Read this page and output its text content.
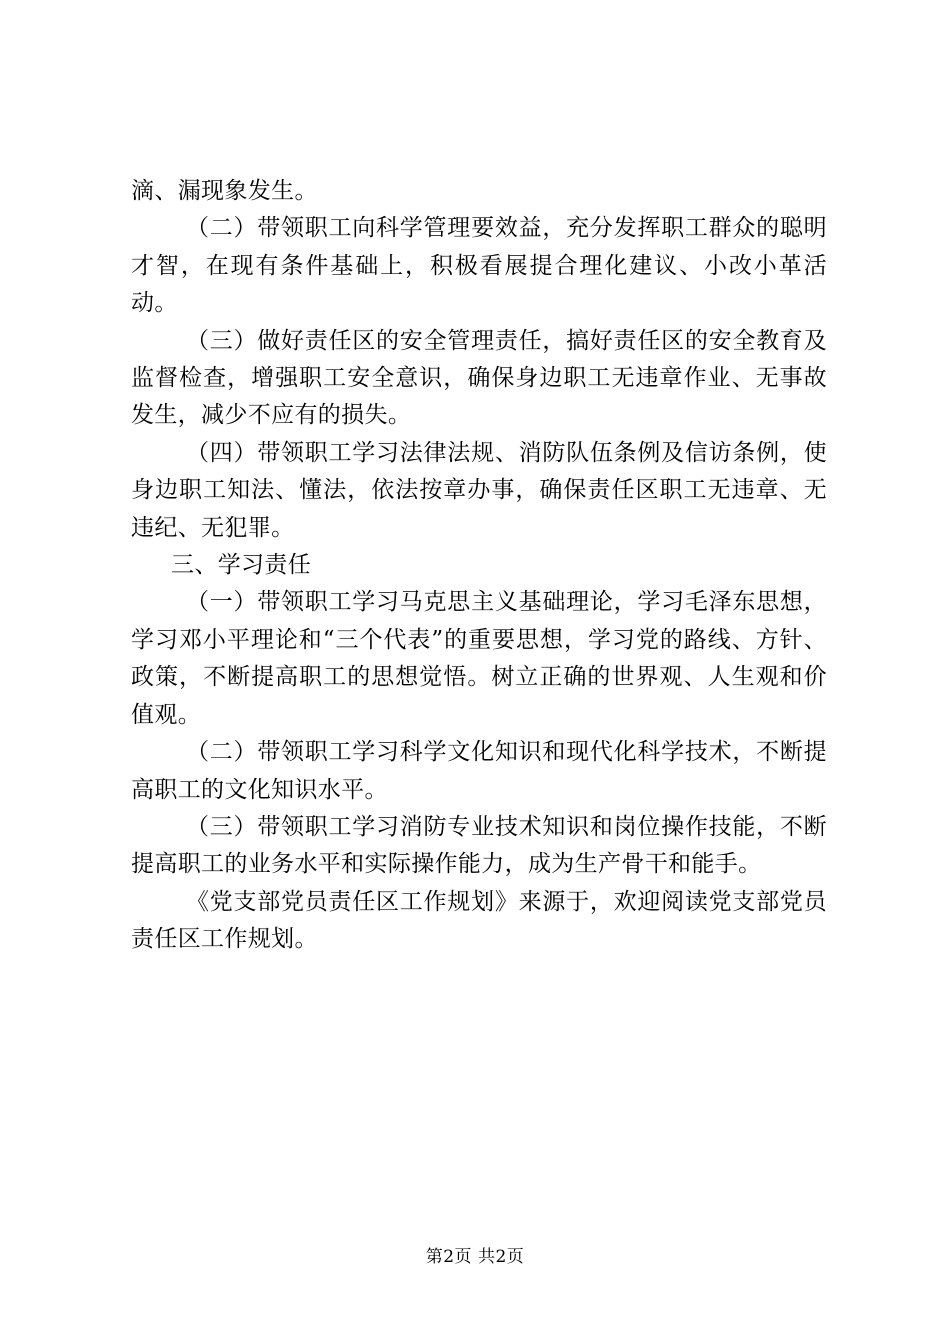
滴、漏现象发生。

（二）带领职工向科学管理要效益，充分发挥职工群众的聪明才智，在现有条件基础上，积极看展提合理化建议、小改小革活动。

（三）做好责任区的安全管理责任，搞好责任区的安全教育及监督检查，增强职工安全意识，确保身边职工无违章作业、无事故发生，减少不应有的损失。

（四）带领职工学习法律法规、消防队伍条例及信访条例，使身边职工知法、懂法，依法按章办事，确保责任区职工无违章、无违纪、无犯罪。

三、学习责任

（一）带领职工学习马克思主义基础理论，学习毛泽东思想，学习邓小平理论和“三个代表”的重要思想，学习党的路线、方针、政策，不断提高职工的思想觉悟。树立正确的世界观、人生观和价值观。

（二）带领职工学习科学文化知识和现代化科学技术，不断提高职工的文化知识水平。

（三）带领职工学习消防专业技术知识和岗位操作技能，不断提高职工的业务水平和实际操作能力，成为生产骨干和能手。

《党支部党员责任区工作规划》来源于，欢迎阅读党支部党员责任区工作规划。

第2页 共2页
